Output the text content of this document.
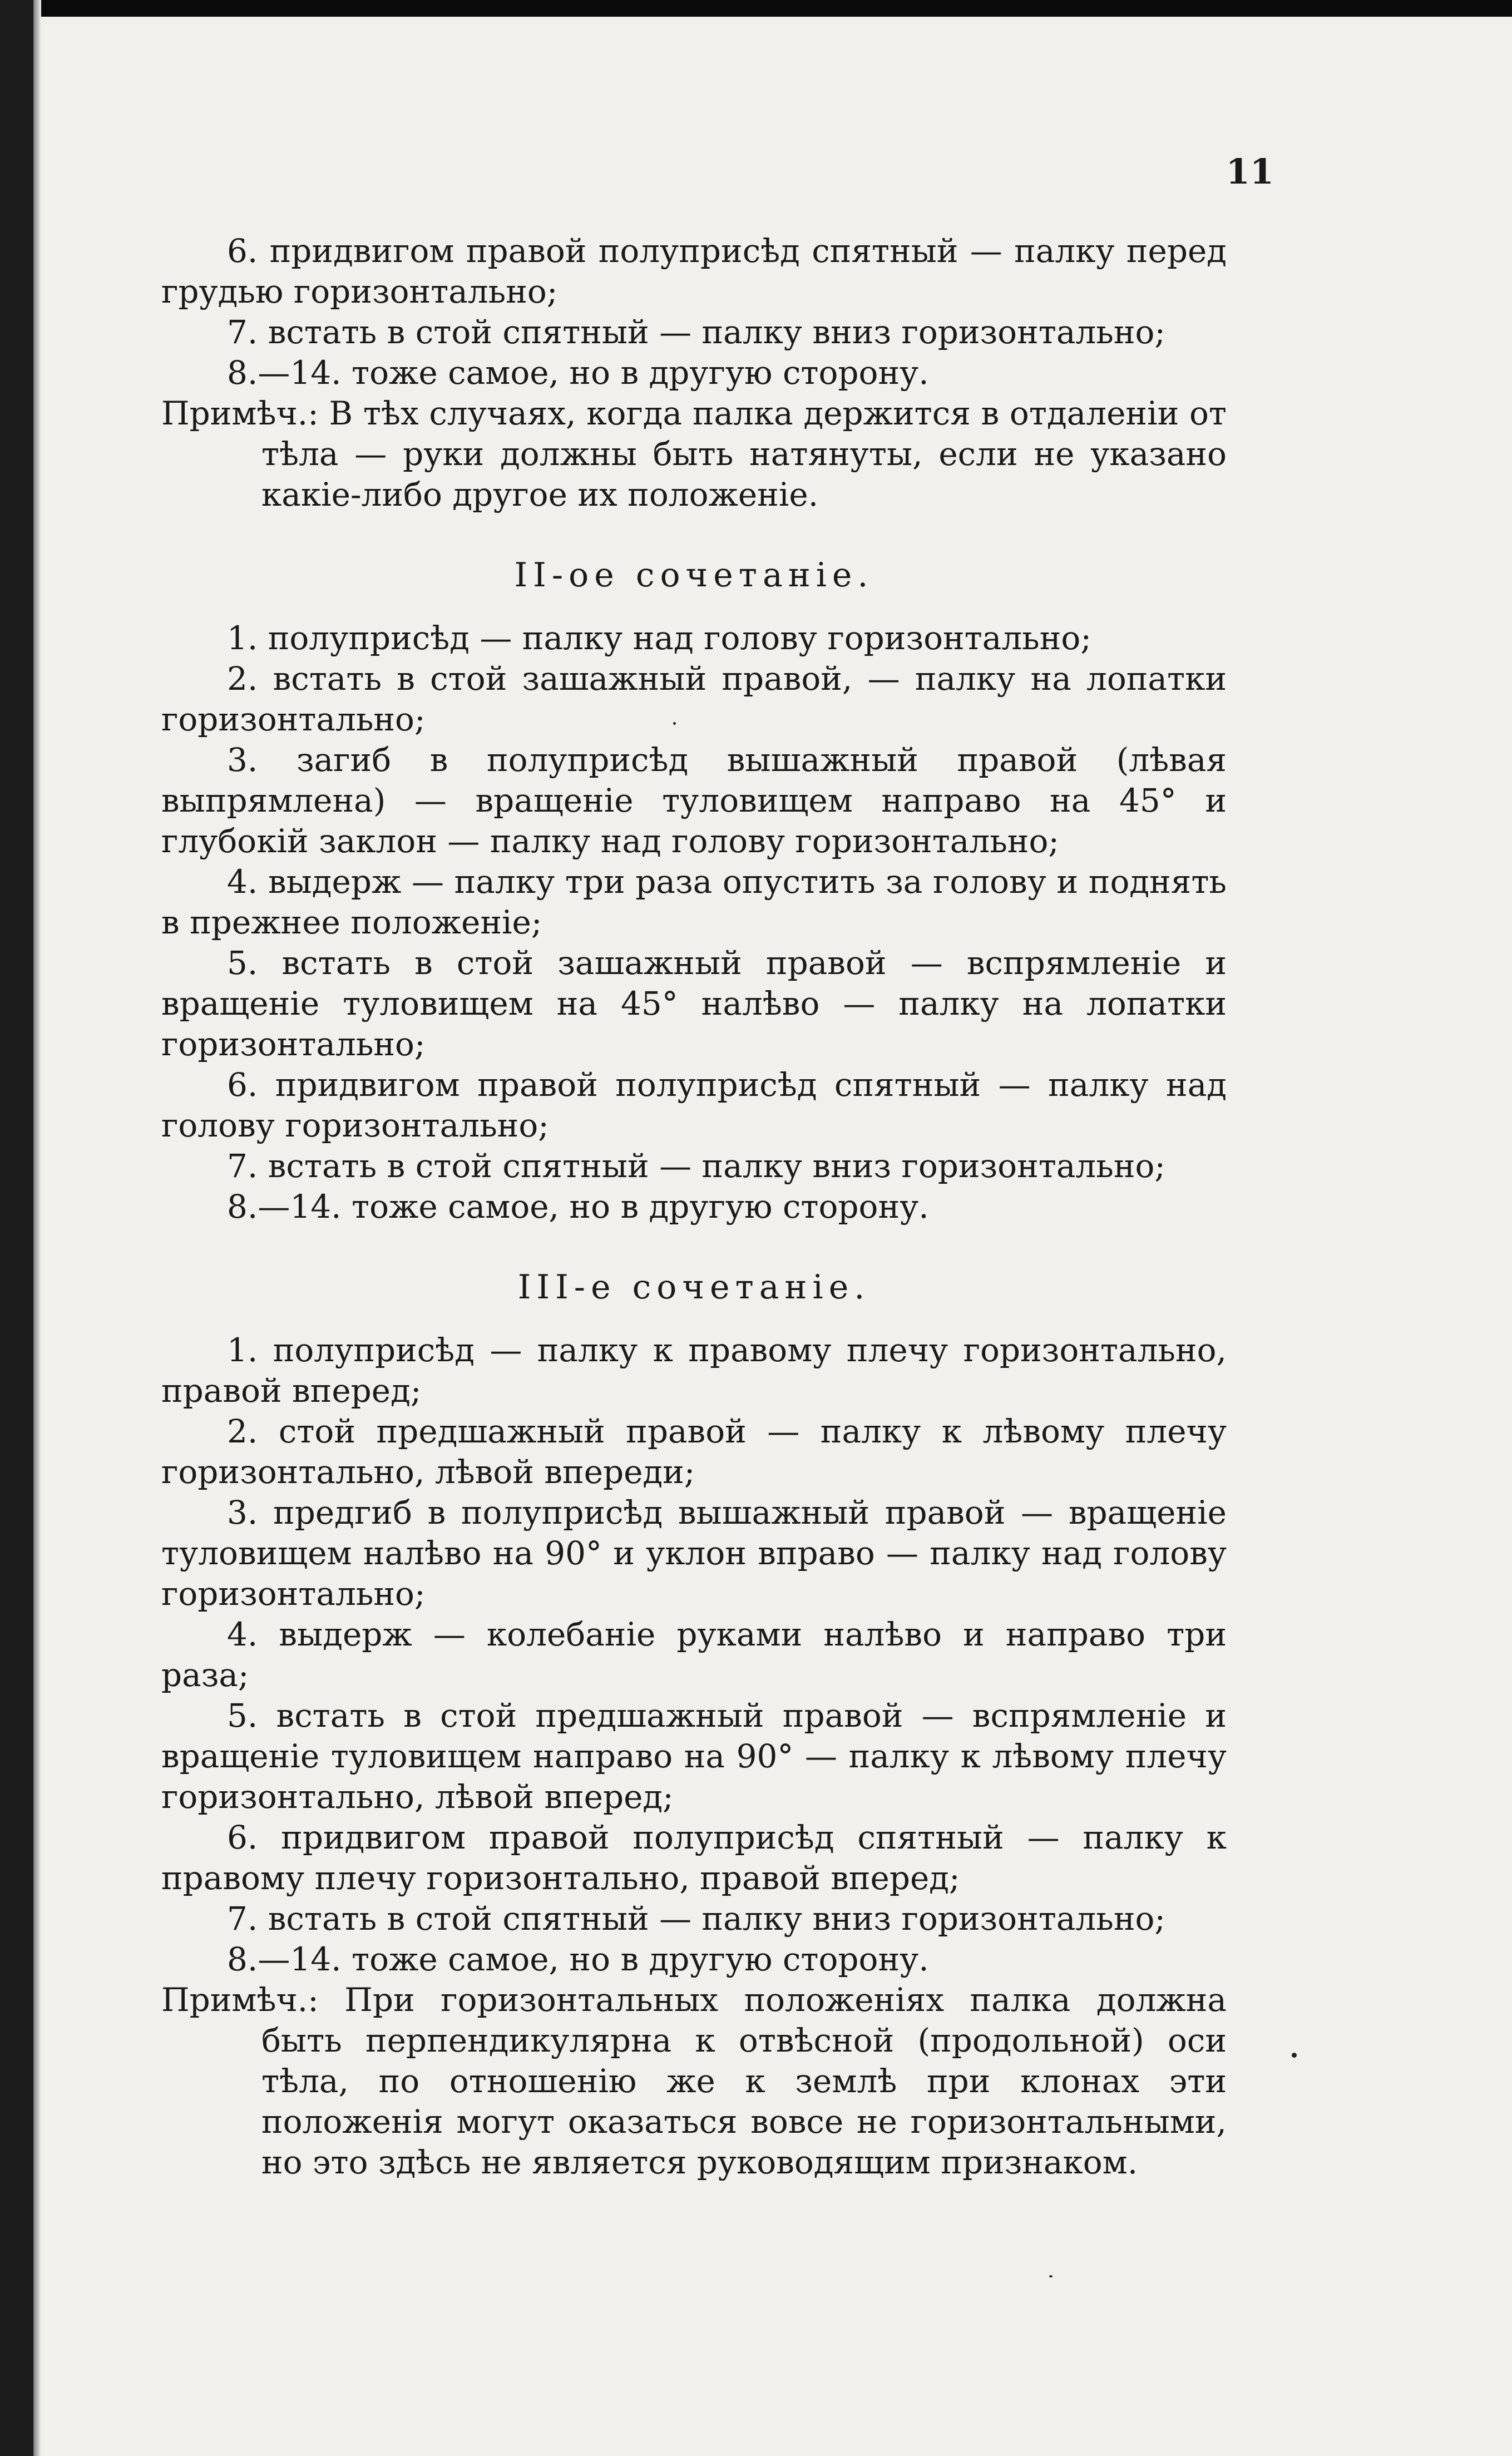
11

6. придвигом правой полуприсѣд спятный — палку перед грудью горизонтально;

7. встать в стой спятный — палку вниз горизонтально;

8.—14. тоже самое, но в другую сторону.

Примѣч.: В тѣх случаях, когда палка держится в отдаленіи от тѣла — руки должны быть натянуты, если не указано какіе-либо другое их положеніе.

II-ое сочетаніе.

1. полуприсѣд — палку над голову горизонтально;

2. встать в стой зашажный правой, — палку на лопатки горизонтально;

3. загиб в полуприсѣд вышажный правой (лѣвая выпрямлена) — вращеніе туловищем направо на 45° и глубокій заклон — палку над голову горизонтально;

4. выдерж — палку три раза опустить за голову и поднять в прежнее положеніе;

5. встать в стой зашажный правой — вспрямленіе и вращеніе туловищем на 45° налѣво — палку на лопатки горизонтально;

6. придвигом правой полуприсѣд спятный — палку над голову горизонтально;

7. встать в стой спятный — палку вниз горизонтально;

8.—14. тоже самое, но в другую сторону.

III-е сочетаніе.

1. полуприсѣд — палку к правому плечу горизонтально, правой вперед;

2. стой предшажный правой — палку к лѣвому плечу горизонтально, лѣвой впереди;

3. предгиб в полуприсѣд вышажный правой — вращеніе туловищем налѣво на 90° и уклон вправо — палку над голову горизонтально;

4. выдерж — колебаніе руками налѣво и направо три раза;

5. встать в стой предшажный правой — вспрямленіе и вращеніе туловищем направо на 90° — палку к лѣвому плечу горизонтально, лѣвой вперед;

6. придвигом правой полуприсѣд спятный — палку к правому плечу горизонтально, правой вперед;

7. встать в стой спятный — палку вниз горизонтально;

8.—14. тоже самое, но в другую сторону.

Примѣч.: При горизонтальных положеніях палка должна быть перпендикулярна к отвѣсной (продольной) оси тѣла, по отношенію же к землѣ при клонах эти положенія могут оказаться вовсе не горизонтальными, но это здѣсь не является руководящим признаком.
